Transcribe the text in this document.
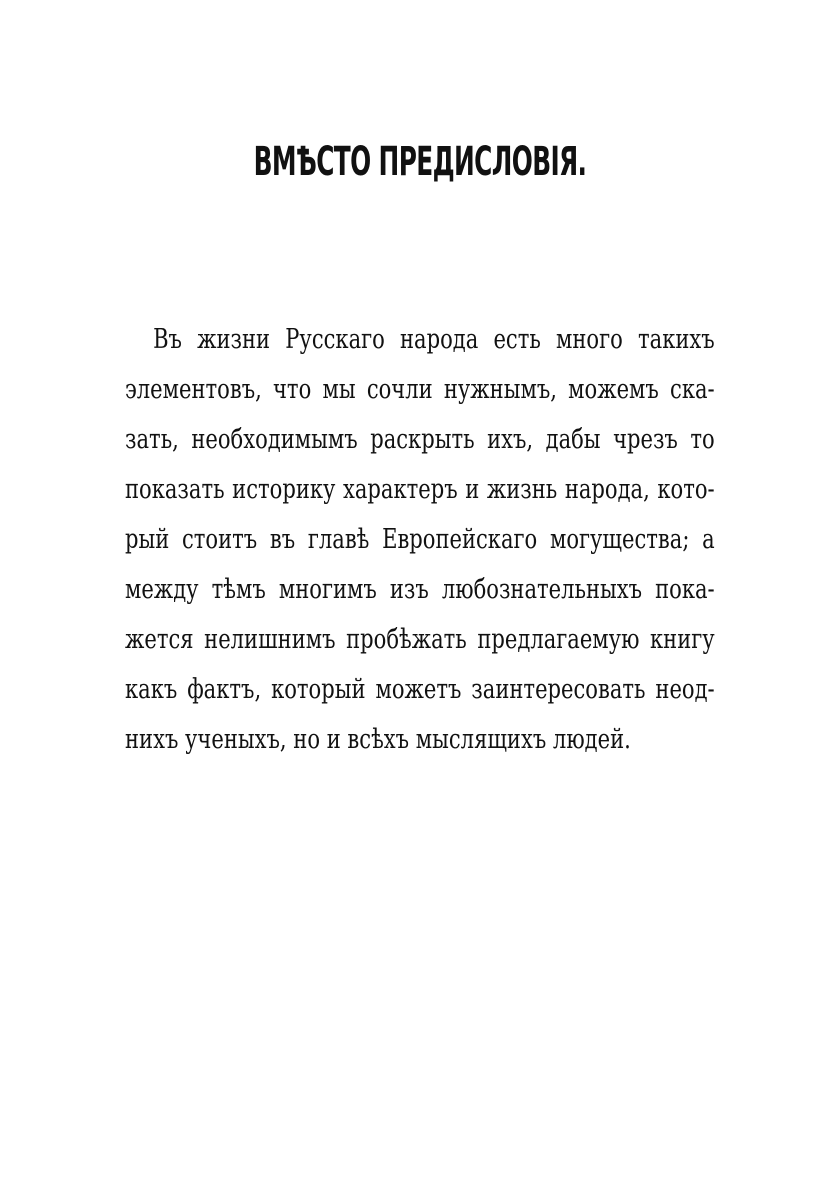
ВМѢСТО ПРЕДИСЛОВIЯ.
Въ жизни Русскаго народа есть много такихъ
элементовъ, что мы сочли нужнымъ, можемъ ска-
зать, необходимымъ раскрыть ихъ, дабы чрезъ то
показать историку характеръ и жизнь народа, кото-
рый стоитъ въ главѣ Европейскаго могущества; а
между тѣмъ многимъ изъ любознательныхъ пока-
жется нелишнимъ пробѣжать предлагаемую книгу
какъ фактъ, который можетъ заинтересовать неод-
нихъ ученыхъ, но и всѣхъ мыслящихъ людей.
